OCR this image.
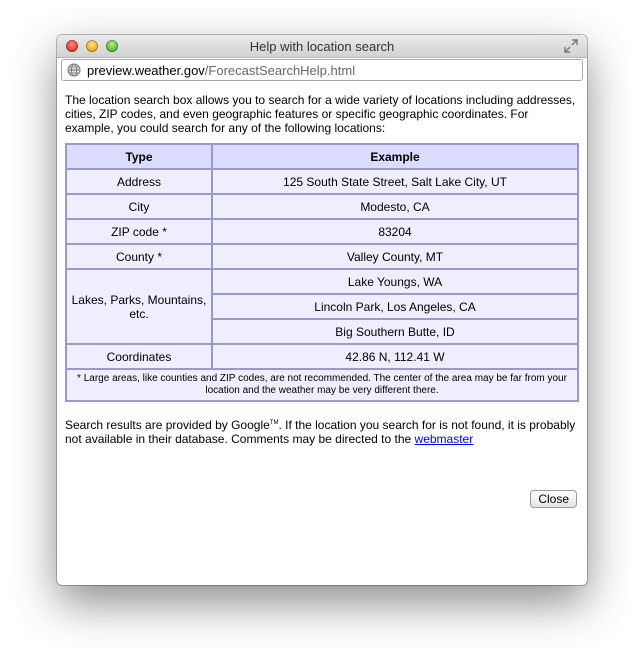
Help with location search
preview.weather.gov/ForecastSearchHelp.html

The location search box allows you to search for a wide variety of locations including addresses, cities, ZIP codes, and even geographic features or specific geographic coordinates. For example, you could search for any of the following locations:

Type	Example
Address	125 South State Street, Salt Lake City, UT
City	Modesto, CA
ZIP code *	83204
County *	Valley County, MT
Lakes, Parks, Mountains, etc.	Lake Youngs, WA
	Lincoln Park, Los Angeles, CA
	Big Southern Butte, ID
Coordinates	42.86 N, 112.41 W
* Large areas, like counties and ZIP codes, are not recommended. The center of the area may be far from your location and the weather may be very different there.	

Search results are provided by Google™. If the location you search for is not found, it is probably not available in their database. Comments may be directed to the webmaster

Close
